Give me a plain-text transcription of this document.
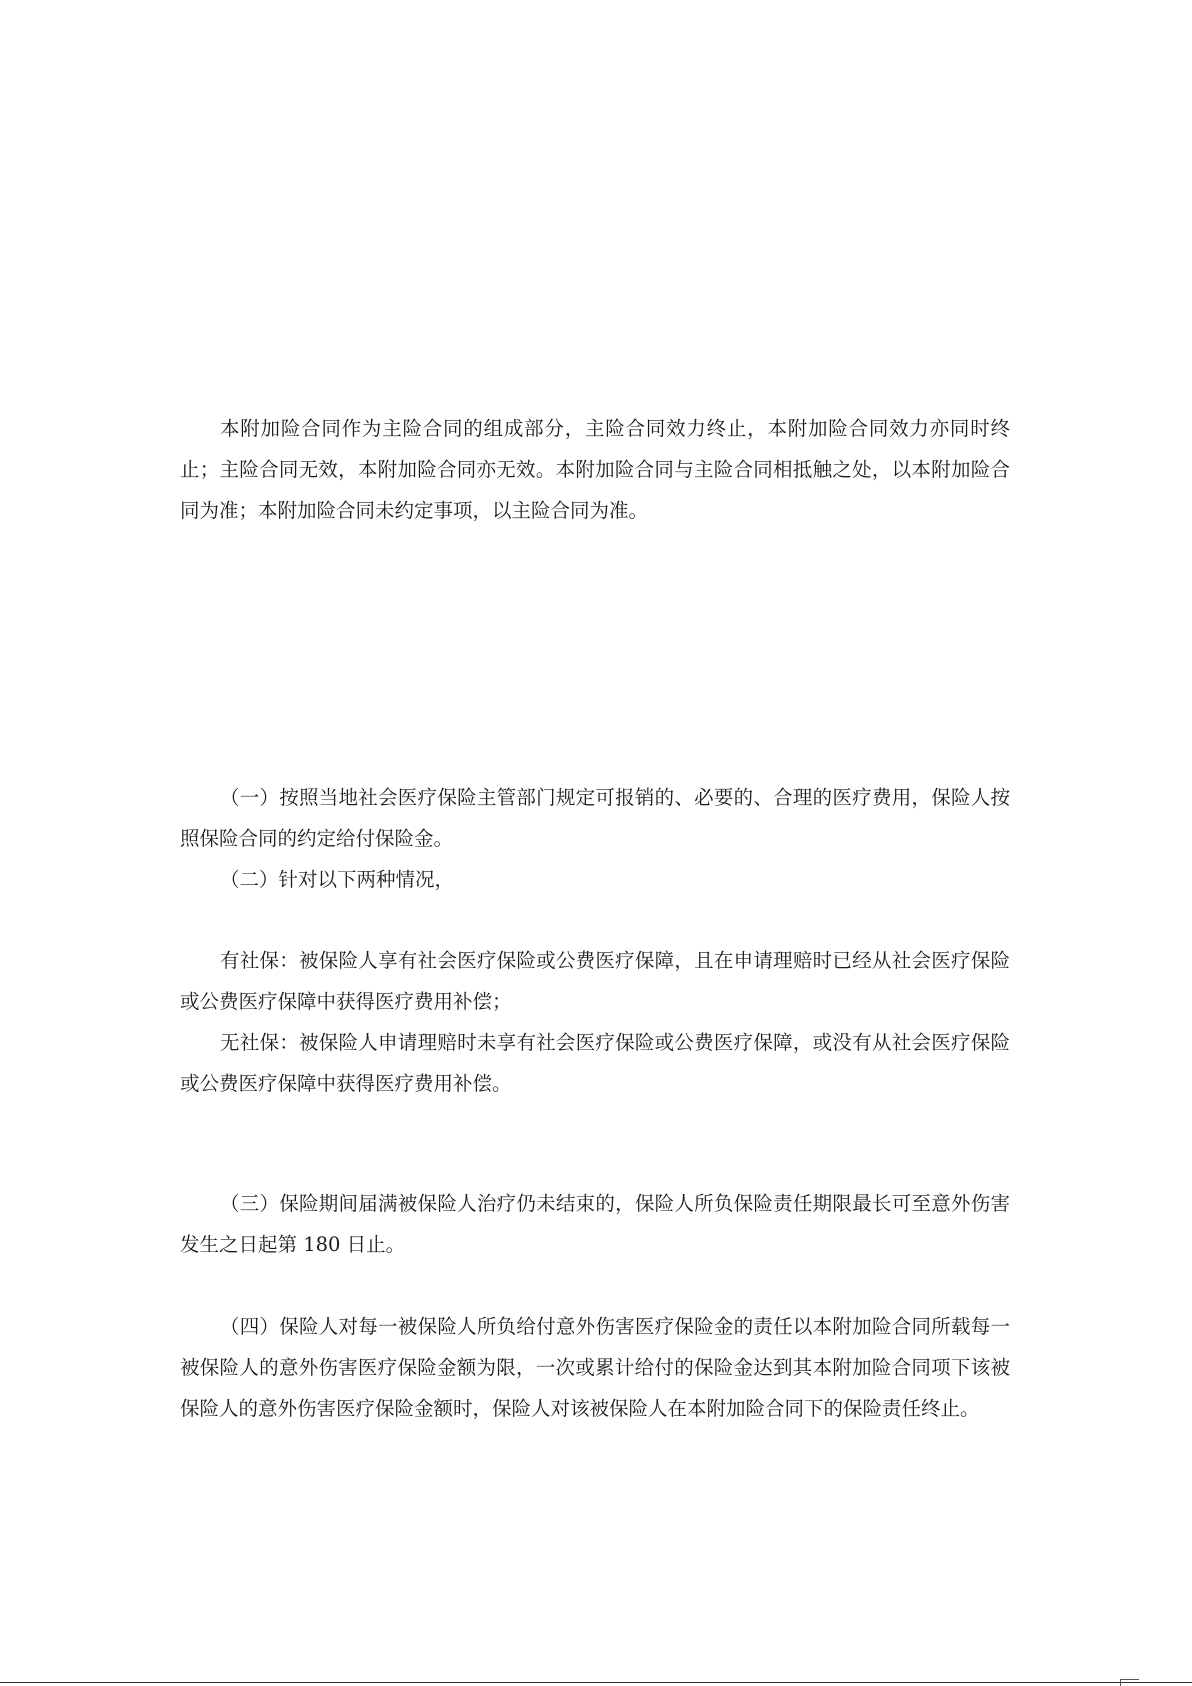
本附加险合同作为主险合同的组成部分，主险合同效力终止，本附加险合同效力亦同时终止；主险合同无效，本附加险合同亦无效。本附加险合同与主险合同相抵触之处，以本附加险合同为准；本附加险合同未约定事项，以主险合同为准。

（一）按照当地社会医疗保险主管部门规定可报销的、必要的、合理的医疗费用，保险人按照保险合同的约定给付保险金。

（二）针对以下两种情况，

有社保：被保险人享有社会医疗保险或公费医疗保障，且在申请理赔时已经从社会医疗保险或公费医疗保障中获得医疗费用补偿；

无社保：被保险人申请理赔时未享有社会医疗保险或公费医疗保障，或没有从社会医疗保险或公费医疗保障中获得医疗费用补偿。

（三）保险期间届满被保险人治疗仍未结束的，保险人所负保险责任期限最长可至意外伤害发生之日起第 180 日止。

（四）保险人对每一被保险人所负给付意外伤害医疗保险金的责任以本附加险合同所载每一被保险人的意外伤害医疗保险金额为限，一次或累计给付的保险金达到其本附加险合同项下该被保险人的意外伤害医疗保险金额时，保险人对该被保险人在本附加险合同下的保险责任终止。
